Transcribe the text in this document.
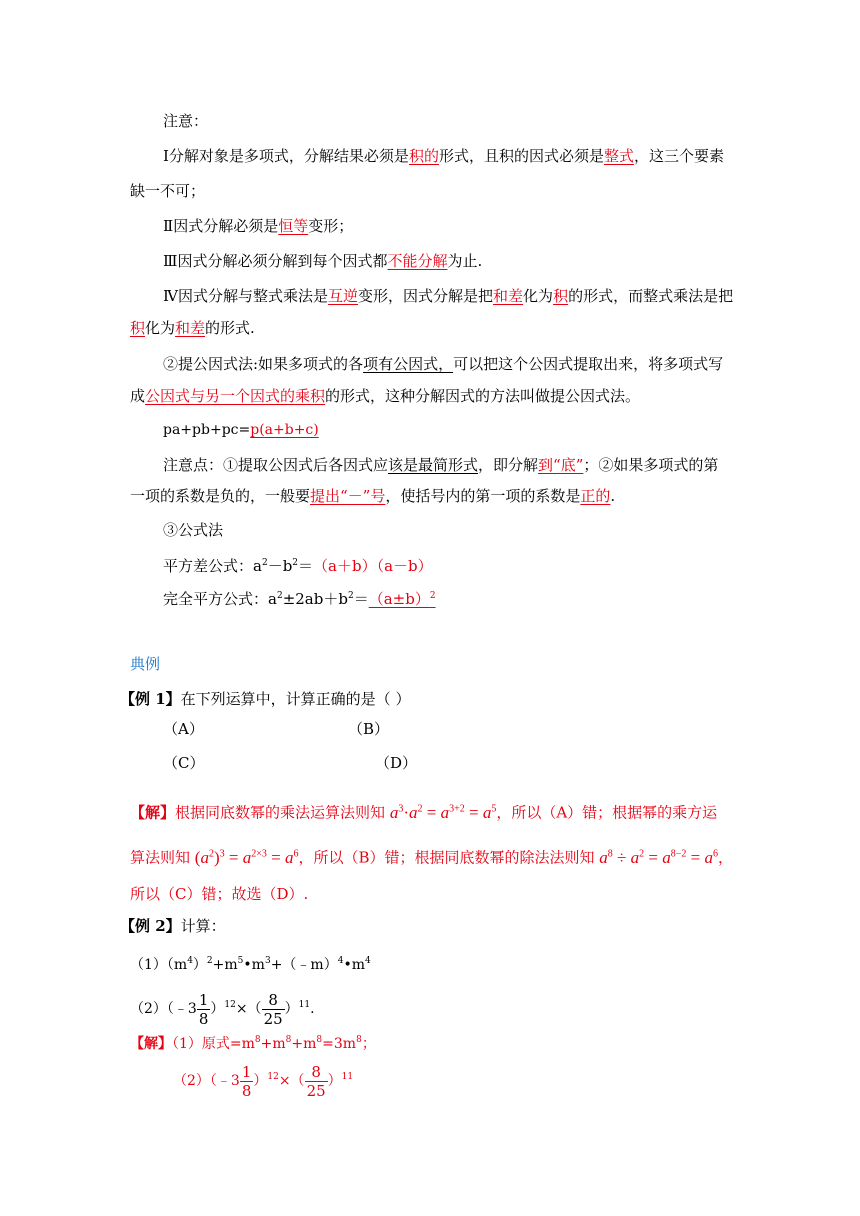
注意：
Ⅰ分解对象是多项式，分解结果必须是积的形式，且积的因式必须是整式，这三个要素
缺一不可；
Ⅱ因式分解必须是恒等变形；
Ⅲ因式分解必须分解到每个因式都不能分解为止.
Ⅳ因式分解与整式乘法是互逆变形，因式分解是把和差化为积的形式，而整式乘法是把
积化为和差的形式.
②提公因式法:如果多项式的各项有公因式，可以把这个公因式提取出来，将多项式写
成公因式与另一个因式的乘积的形式，这种分解因式的方法叫做提公因式法。
pa+pb+pc=p(a+b+c)
注意点：①提取公因式后各因式应该是最简形式，即分解到“底”；②如果多项式的第
一项的系数是负的，一般要提出“－”号，使括号内的第一项的系数是正的.
③公式法
平方差公式：$a^2-b^2=(a+b)(a-b)$
完全平方公式：$a^2\pm 2ab+b^2=(a\pm b)^2$
典例
【例 1】在下列运算中，计算正确的是（ ）
（A）	（B）
（C）	（D）
【解】根据同底数幂的乘法运算法则知 $a^3\cdot a^2 = a^{3+2} = a^5$，所以（A）错；根据幂的乘方运
算法则知 $(a^2)^3 = a^{2\times 3} = a^6$，所以（B）错；根据同底数幂的除法法则知 $a^8 \div a^2 = a^{8-2} = a^6$，
所以（C）错；故选（D）.
【例 2】计算：
$(1)(m^4)^2+m^5•m^3+(﹣m)^4•m^4$
（2）（﹣3 $\frac{1}{8} )^{12}\times( \frac{8}{25} )^{11}$.
【解】（1）原式$=m^8+m^8+m^8=3m^8$；
（2）（﹣3 $\frac{1}{8} )^{12}\times( \frac{8}{25} )^{11}$
